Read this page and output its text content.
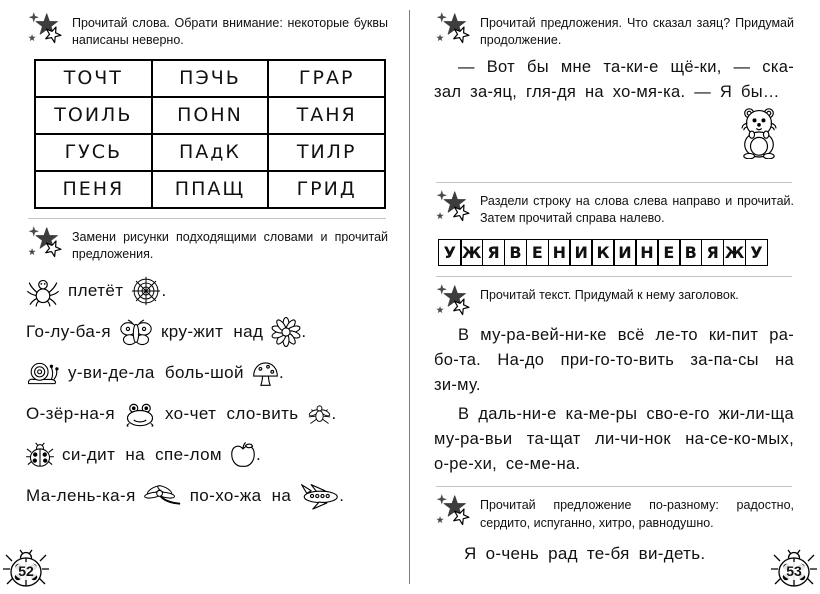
Прочитай слова. Обрати внимание: некоторые буквы написаны неверно.

ТОЧТ	ПЭЧЬ	ГРАР
ТОИЛЬ	ПОНN	ТАНЯ
ГУСЬ	ПАдК	ТИЛР
ПЕНЯ	ППАЩ	ГРИД

Замени рисунки подходящими словами и прочитай предложения.

плетёт .
Го-лу-ба-я	кру-жит над .
у-ви-де-ла боль-шой .
О-зёр-на-я	хо-чет сло-вить .
си-дит на спе-лом .
Ма-лень-ка-я	по-хо-жа на	.
52

Прочитай предложения. Что сказал заяц? Придумай продолжение.

— Вот бы мне та-ки-е щё-ки, — ска-зал за-яц, гля-дя на хо-мя-ка. — Я бы…

Раздели строку на слова слева направо и прочитай. Затем прочитай справа налево.

У Ж Я В Е Н И К И Н Е В Я Ж У

Прочитай текст. Придумай к нему заголовок.

В му-ра-вей-ни-ке всё ле-то ки-пит ра-бо-та. На-до при-го-то-вить за-па-сы на зи-му.

В даль-ни-е ка-ме-ры сво-е-го жи-ли-ща му-ра-вьи та-щат ли-чи-нок на-се-ко-мых, о-ре-хи, се-ме-на.

Прочитай предложение по-разному: радостно, сердито, испуганно, хитро, равнодушно.

Я о-чень рад те-бя ви-деть.

53
